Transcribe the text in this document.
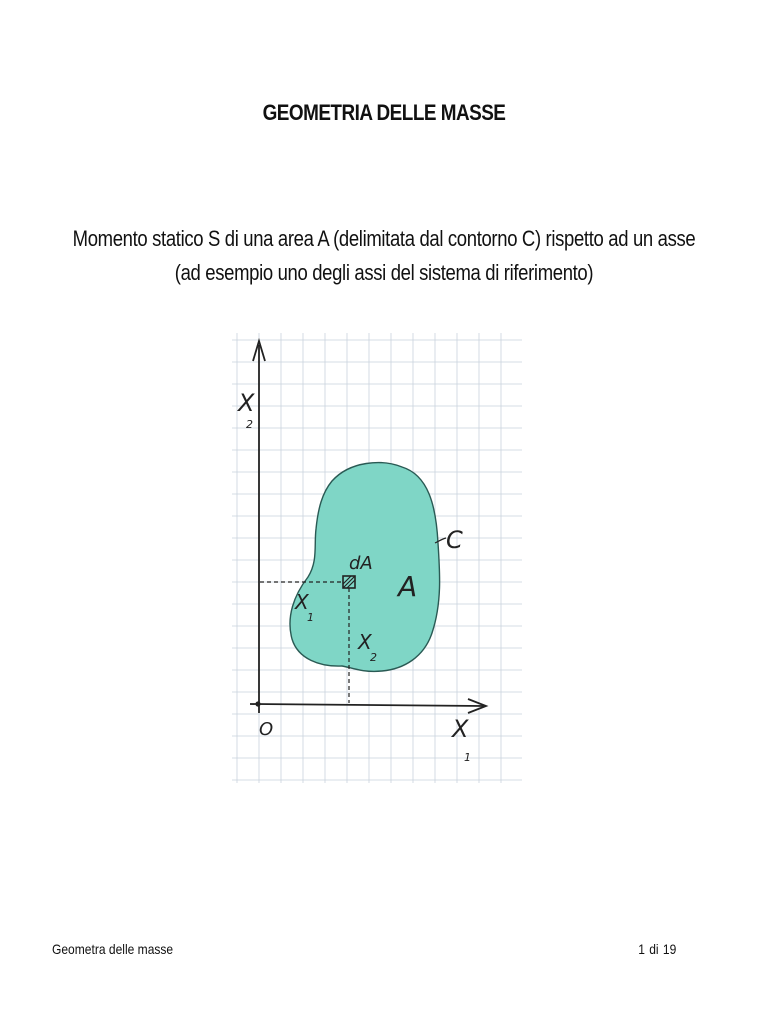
GEOMETRIA DELLE MASSE
Momento statico S di una area A (delimitata dal contorno C) rispetto ad un asse
(ad esempio uno degli assi del sistema di riferimento)
X
2
X
1
O
C
A
dA
X
1
X
2
Geometra delle masse	1 di 19
